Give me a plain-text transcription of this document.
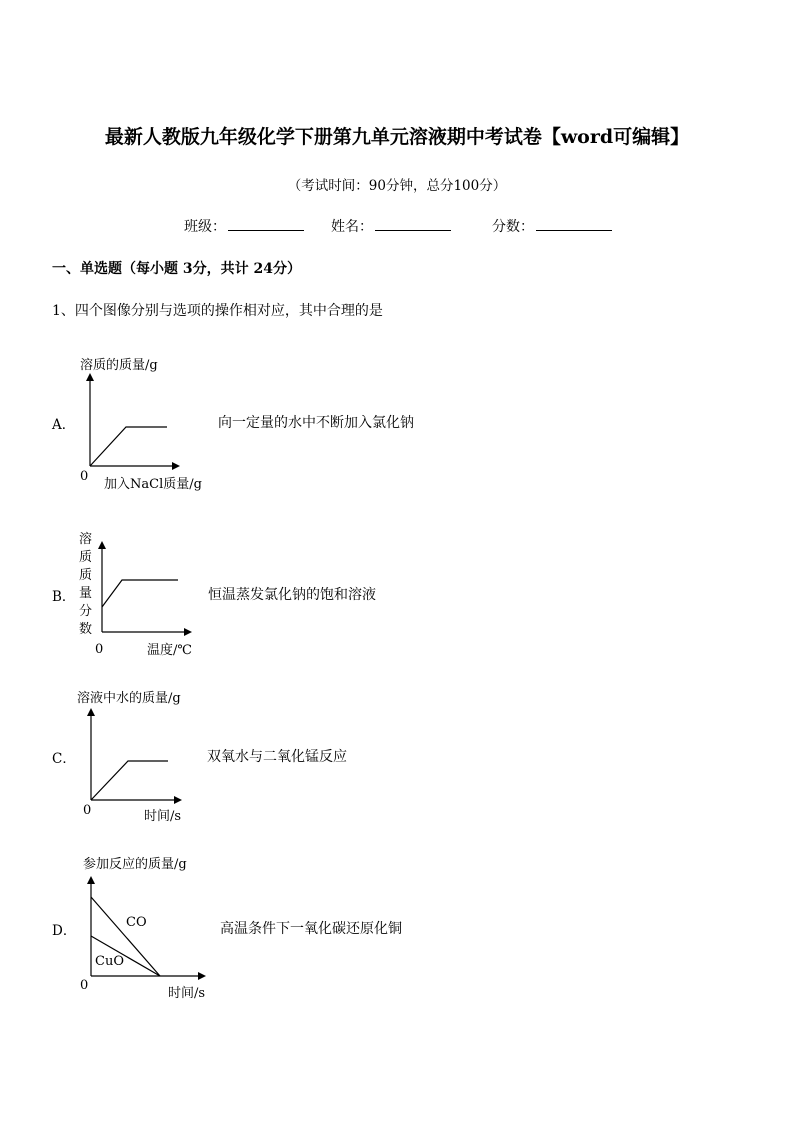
最新人教版九年级化学下册第九单元溶液期中考试卷【word可编辑】
（考试时间：90分钟，总分100分）
班级：	姓名：	分数：
一、单选题（每小题 3分，共计 24分）
1、四个图像分别与选项的操作相对应，其中合理的是
A．	向一定量的水中不断加入氯化钠
溶质的质量/g
0
加入NaCl质量/g
B．	恒温蒸发氯化钠的饱和溶液
溶
质
质
量
分
数
0	温度/℃
C．	双氧水与二氧化锰反应
溶液中水的质量/g
0	时间/s
D．	高温条件下一氧化碳还原化铜
参加反应的质量/g
CO
CuO
0
时间/s
